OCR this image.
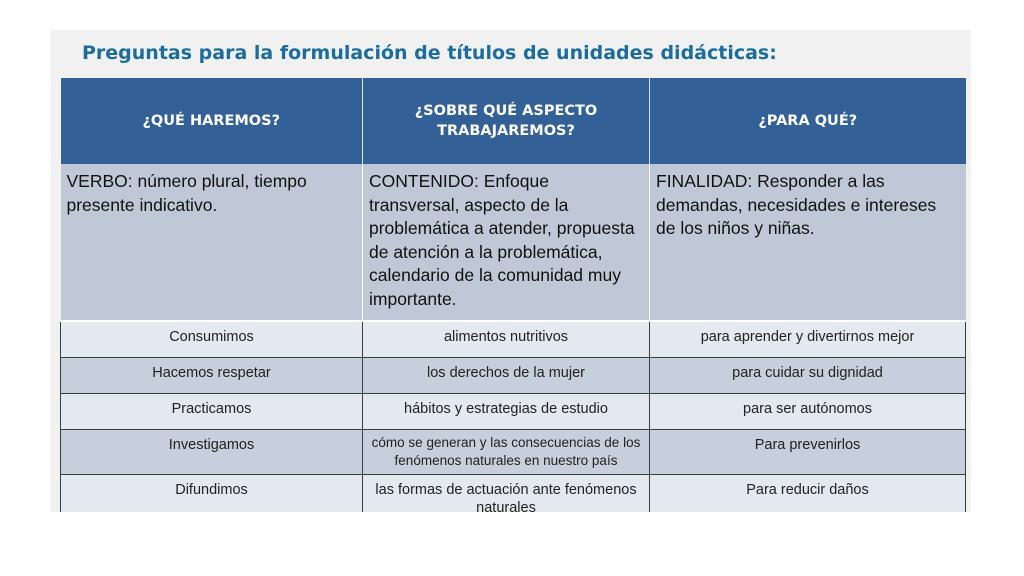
Preguntas para la formulación de títulos de unidades didácticas:
¿QUÉ HAREMOS?	¿SOBRE QUÉ ASPECTO TRABAJAREMOS?	¿PARA QUÉ?
VERBO: número plural, tiempo presente indicativo.	CONTENIDO: Enfoque transversal, aspecto de la problemática a atender, propuesta de atención a la problemática, calendario de la comunidad muy importante.	FINALIDAD: Responder a las demandas, necesidades e intereses de los niños y niñas.
Consumimos	alimentos nutritivos	para aprender y divertirnos mejor
Hacemos respetar	los derechos de la mujer	para cuidar su dignidad
Practicamos	hábitos y estrategias de estudio	para ser autónomos
Investigamos	cómo se generan y las consecuencias de los fenómenos naturales en nuestro país	Para prevenirlos
Difundimos	las formas de actuación ante fenómenos naturales	Para reducir daños
